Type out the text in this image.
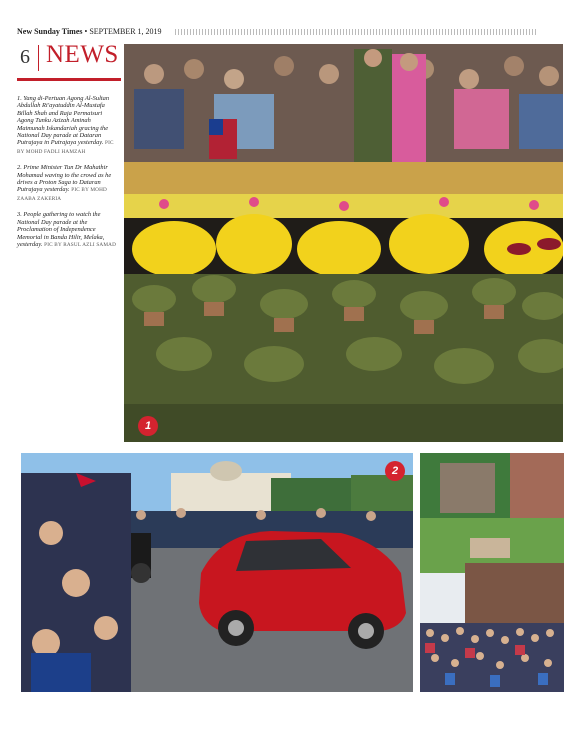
New Sunday Times • SEPTEMBER 1, 2019
6 NEWS

1. Yang di-Pertuan Agong Al-Sultan Abdullah Ri'ayatuddin Al-Mustafa Billah Shah and Raja Permaisuri Agong Tunku Azizah Aminah Maimunah Iskandariah gracing the National Day parade at Dataran Putrajaya in Putrajaya yesterday. PIC BY MOHD FADLI HAMZAH

2. Prime Minister Tun Dr Mahathir Mohamad waving to the crowd as he drives a Proton Saga to Dataran Putrajaya yesterday. PIC BY MOHD ZAABA ZAKERIA

3. People gathering to watch the National Day parade at the Proclamation of Independence Memorial in Banda Hilir, Melaka, yesterday. PIC BY RASUL AZLI SAMAD

1
2
